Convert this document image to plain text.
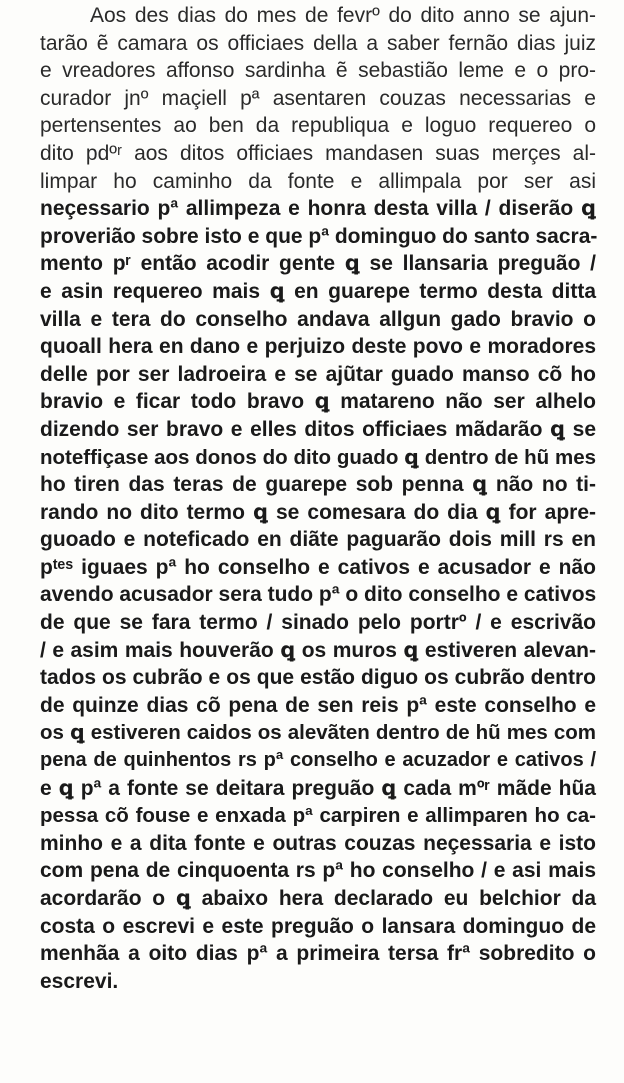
Aos des dias do mes de fevrº do dito anno se ajun-
tarão ẽ camara os officiaes della a saber fernão dias juiz
e vreadores affonso sardinha ẽ sebastião leme e o pro-
curador jnº maçiell pª asentaren couzas necessarias e
pertensentes ao ben da republiqua e loguo requereo o
dito pdºʳ aos ditos officiaes mandasen suas merçes al-
limpar ho caminho da fonte e allimpala por ser asi
neçessario pª allimpeza e honra desta villa / diserão ꝗ
proverião sobre isto e que pª dominguo do santo sacra-
mento pʳ então acodir gente ꝗ se llansaria preguão /
e asin requereo mais ꝗ en guarepe termo desta ditta
villa e tera do conselho andava allgun gado bravio o
quoall hera en dano e perjuizo deste povo e moradores
delle por ser ladroeira e se ajũtar guado manso cõ ho
bravio e ficar todo bravo ꝗ matareno não ser alhelo
dizendo ser bravo e elles ditos officiaes mãdarão ꝗ se
noteffiçase aos donos do dito guado ꝗ dentro de hũ mes
ho tiren das teras de guarepe sob penna ꝗ não no ti-
rando no dito termo ꝗ se comesara do dia ꝗ for apre-
guoado e noteficado en diãte paguarão dois mill rs en
pᵗᵉˢ iguaes pª ho conselho e cativos e acusador e não
avendo acusador sera tudo pª o dito conselho e cativos
de que se fara termo / sinado pelo portrº / e escrivão
/ e asim mais houverão ꝗ os muros ꝗ estiveren alevan-
tados os cubrão e os que estão diguo os cubrão dentro
de quinze dias cõ pena de sen reis pª este conselho e
os ꝗ estiveren caidos os alevãten dentro de hũ mes com
pena de quinhentos rs pª conselho e acuzador e cativos /
e ꝗ pª a fonte se deitara preguão ꝗ cada mºʳ mãde hũa
pessa cõ fouse e enxada pª carpiren e allimparen ho ca-
minho e a dita fonte e outras couzas neçessaria e isto
com pena de cinquoenta rs pª ho conselho / e asi mais
acordarão o ꝗ abaixo hera declarado eu belchior da
costa o escrevi e este preguão o lansara dominguo de
menhãa a oito dias pª a primeira tersa frª sobredito o
escrevi.
